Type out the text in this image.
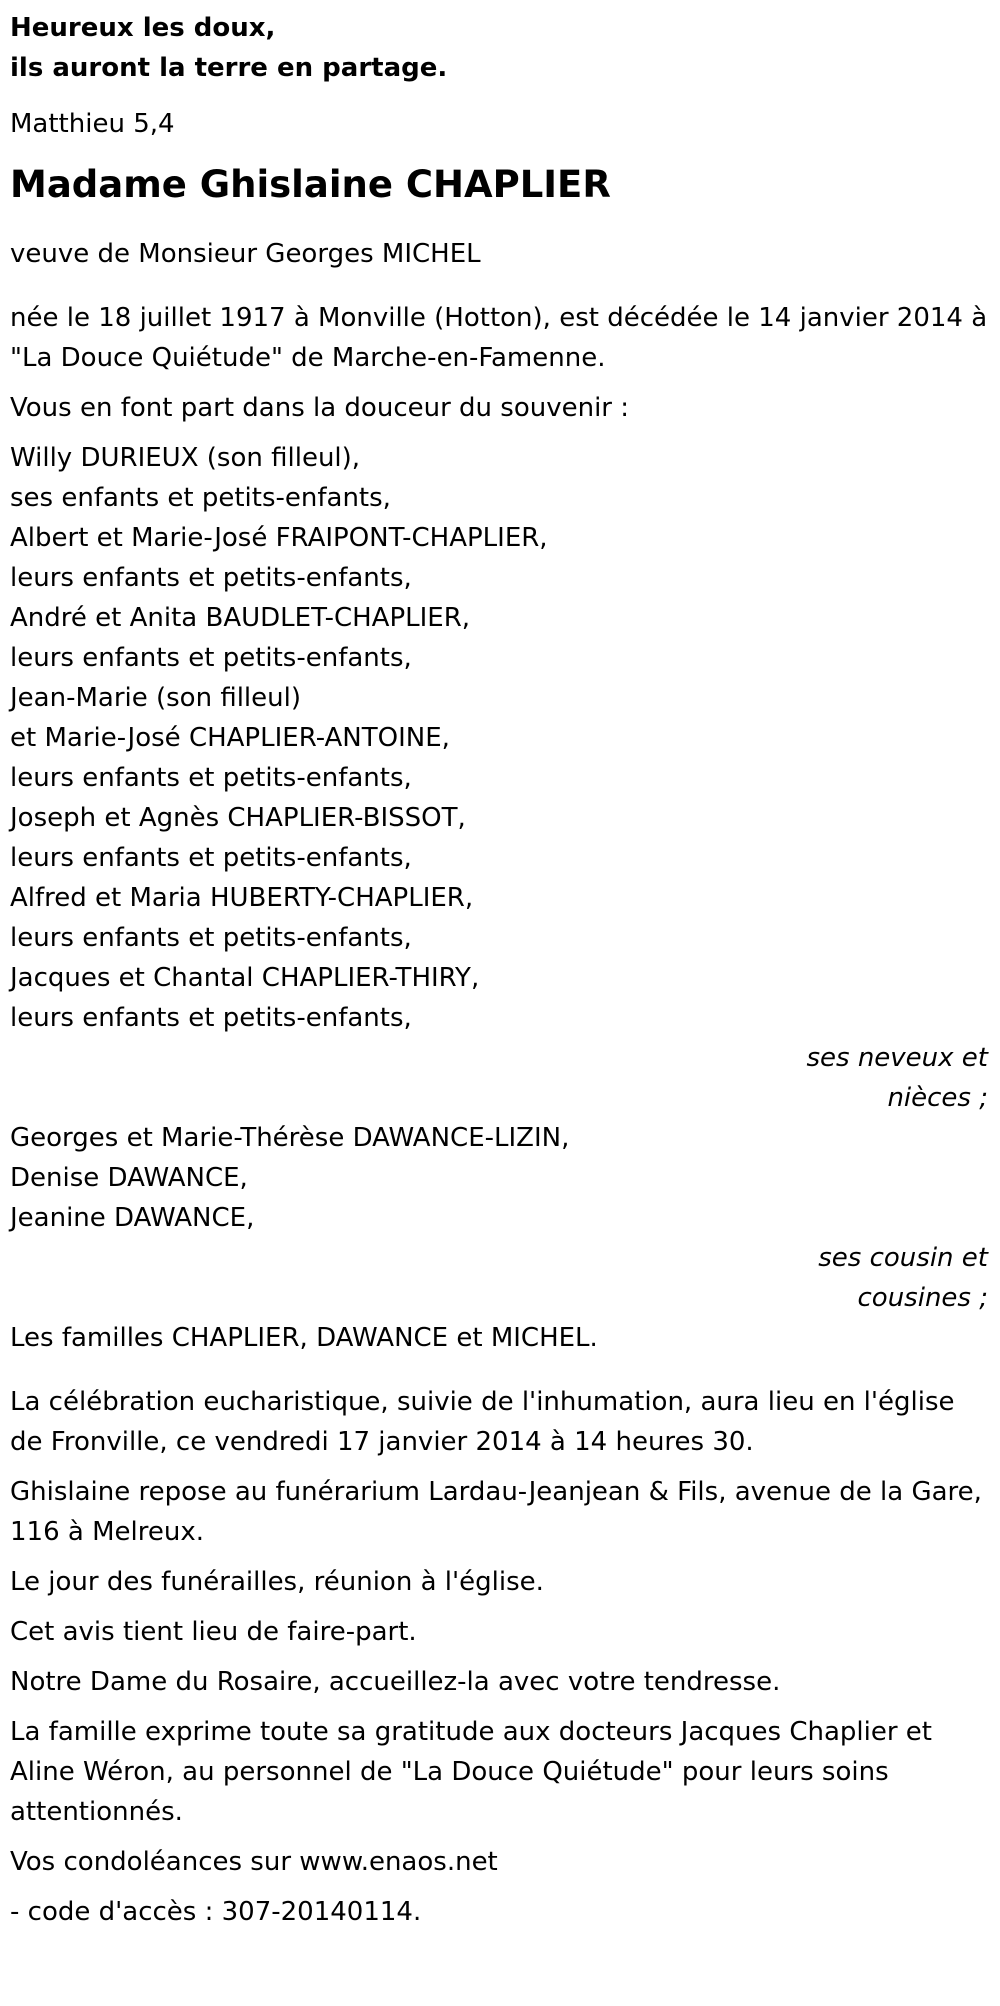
Heureux les doux,

ils auront la terre en partage.

Matthieu 5,4

Madame Ghislaine CHAPLIER

veuve de Monsieur Georges MICHEL

née le 18 juillet 1917 à Monville (Hotton), est décédée le 14 janvier 2014 à

"La Douce Quiétude" de Marche-en-Famenne.

Vous en font part dans la douceur du souvenir :

Willy DURIEUX (son filleul),

ses enfants et petits-enfants,

Albert et Marie-José FRAIPONT-CHAPLIER,

leurs enfants et petits-enfants,

André et Anita BAUDLET-CHAPLIER,

leurs enfants et petits-enfants,

Jean-Marie (son filleul)

et Marie-José CHAPLIER-ANTOINE,

leurs enfants et petits-enfants,

Joseph et Agnès CHAPLIER-BISSOT,

leurs enfants et petits-enfants,

Alfred et Maria HUBERTY-CHAPLIER,

leurs enfants et petits-enfants,

Jacques et Chantal CHAPLIER-THIRY,

leurs enfants et petits-enfants,

ses neveux et

nièces ;

Georges et Marie-Thérèse DAWANCE-LIZIN,

Denise DAWANCE,

Jeanine DAWANCE,

ses cousin et

cousines ;

Les familles CHAPLIER, DAWANCE et MICHEL.

La célébration eucharistique, suivie de l'inhumation, aura lieu en l'église

de Fronville, ce vendredi 17 janvier 2014 à 14 heures 30.

Ghislaine repose au funérarium Lardau-Jeanjean & Fils, avenue de la Gare,

116 à Melreux.

Le jour des funérailles, réunion à l'église.

Cet avis tient lieu de faire-part.

Notre Dame du Rosaire, accueillez-la avec votre tendresse.

La famille exprime toute sa gratitude aux docteurs Jacques Chaplier et

Aline Wéron, au personnel de "La Douce Quiétude" pour leurs soins

attentionnés.

Vos condoléances sur www.enaos.net

- code d'accès : 307-20140114.
